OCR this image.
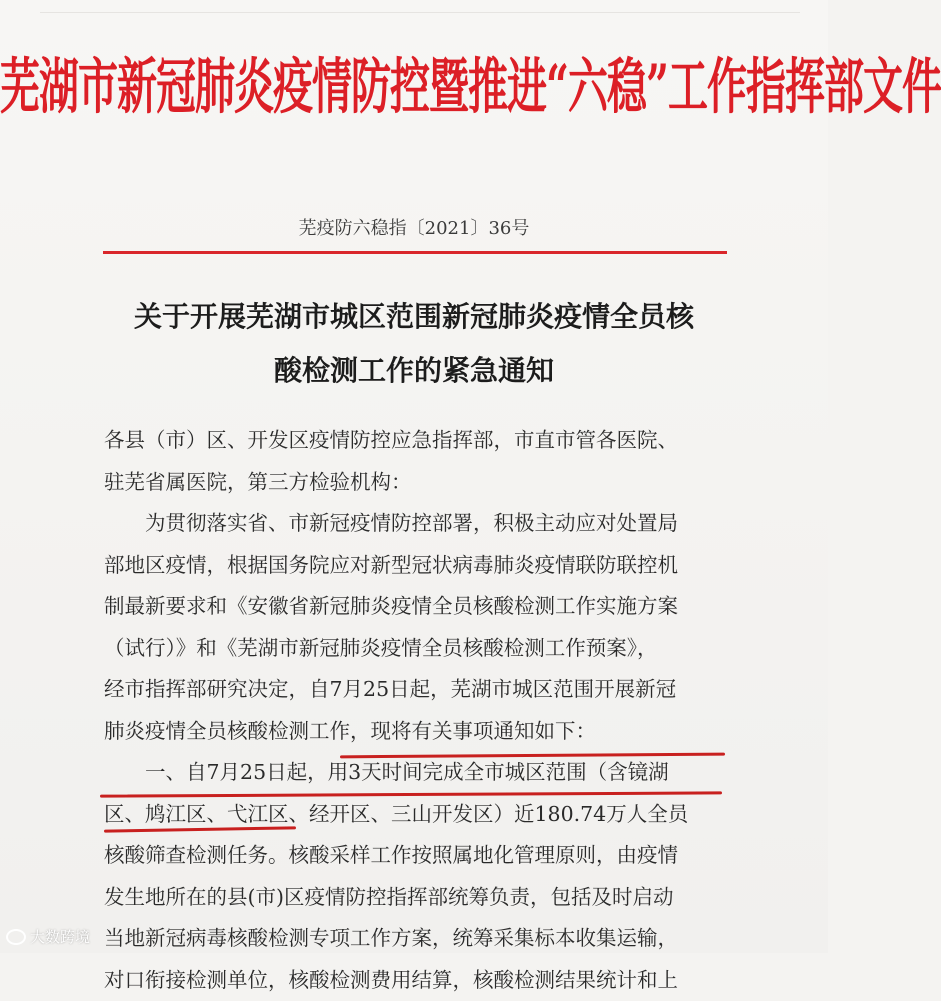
芜湖市新冠肺炎疫情防控暨推进“六稳”工作指挥部文件
芜疫防六稳指〔2021〕36号
关于开展芜湖市城区范围新冠肺炎疫情全员核
酸检测工作的紧急通知
各县（市）区、开发区疫情防控应急指挥部，市直市管各医院、
驻芜省属医院，第三方检验机构：
为贯彻落实省、市新冠疫情防控部署，积极主动应对处置局
部地区疫情，根据国务院应对新型冠状病毒肺炎疫情联防联控机
制最新要求和《安徽省新冠肺炎疫情全员核酸检测工作实施方案
（试行）》和《芜湖市新冠肺炎疫情全员核酸检测工作预案》，
经市指挥部研究决定，自7月25日起，芜湖市城区范围开展新冠
肺炎疫情全员核酸检测工作，现将有关事项通知如下：
一、自7月25日起，用3天时间完成全市城区范围（含镜湖
区、鸠江区、弋江区、经开区、三山开发区）近180.74万人全员
核酸筛查检测任务。核酸采样工作按照属地化管理原则，由疫情
发生地所在的县(市)区疫情防控指挥部统筹负责，包括及时启动
当地新冠病毒核酸检测专项工作方案，统筹采集标本收集运输，
对口衔接检测单位，核酸检测费用结算，核酸检测结果统计和上
大数跨境
